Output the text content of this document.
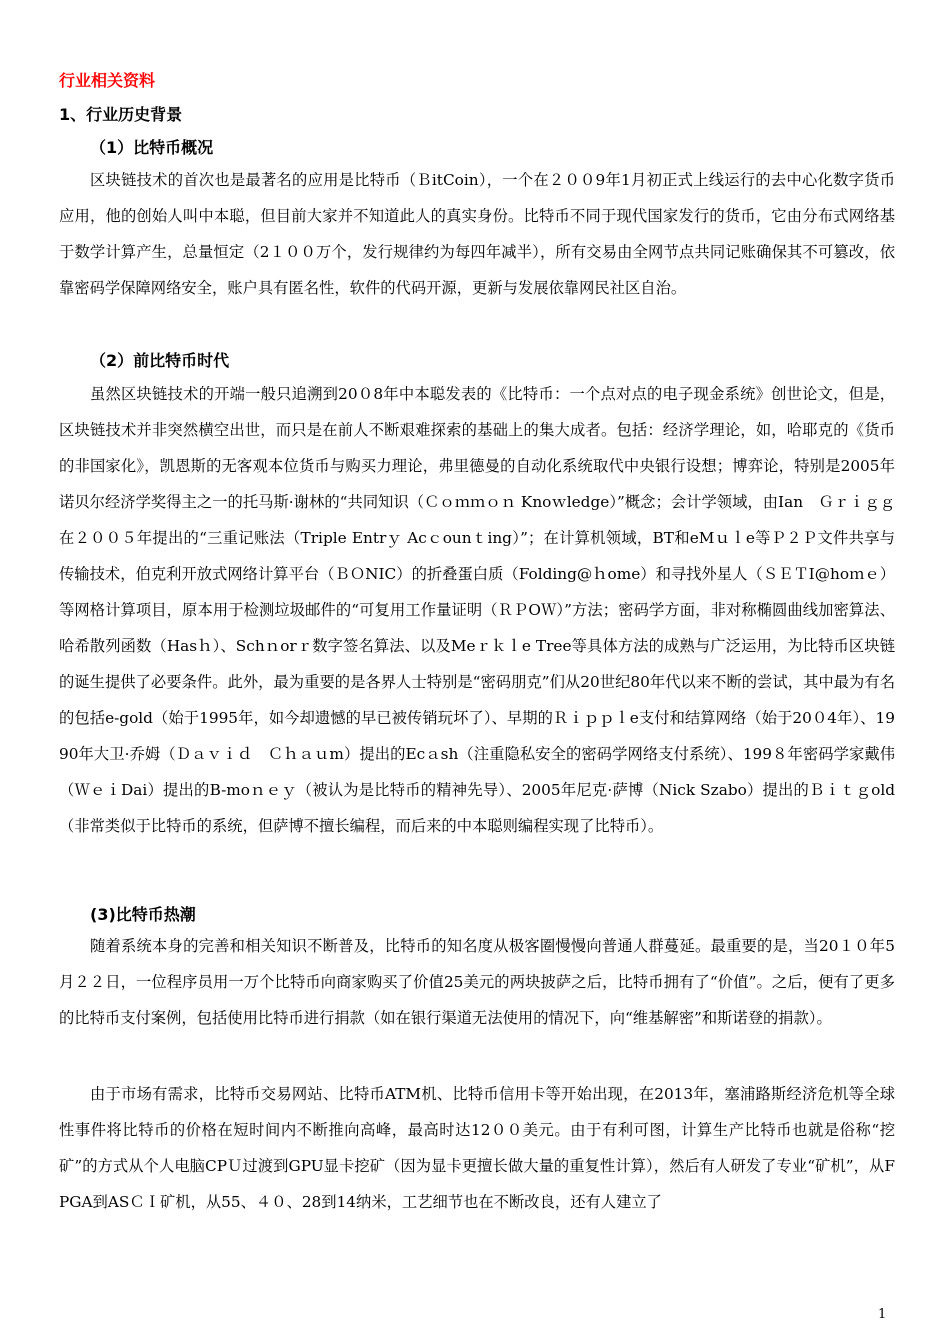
行业相关资料
1、行业历史背景
（1）比特币概况
区块链技术的首次也是最著名的应用是比特币（ＢitCoin），一个在２００9年1月初正式上线运行的去中心化数字货币应用，他的创始人叫中本聪，但目前大家并不知道此人的真实身份。比特币不同于现代国家发行的货币，它由分布式网络基于数学计算产生，总量恒定（2１００万个，发行规律约为每四年减半），所有交易由全网节点共同记账确保其不可篡改，依靠密码学保障网络安全，账户具有匿名性，软件的代码开源，更新与发展依靠网民社区自治。
（2）前比特币时代
虽然区块链技术的开端一般只追溯到20０8年中本聪发表的《比特币：一个点对点的电子现金系统》创世论文，但是，区块链技术并非突然横空出世，而只是在前人不断艰难探索的基础上的集大成者。包括：经济学理论，如，哈耶克的《货币的非国家化》，凯恩斯的无客观本位货币与购买力理论，弗里德曼的自动化系统取代中央银行设想；博弈论，特别是2005年诺贝尔经济学奖得主之一的托马斯·谢林的“共同知识（Ｃｏｍｍｏｎ Knoｗledge）”概念；会计学领域，由Ian　Ｇｒｉｇｇ在２００５年提出的“三重记账法（Triple Entrｙ Acｃounｔing）”；在计算机领域，BT和eMｕｌe等Ｐ２Ｐ文件共享与传输技术，伯克利开放式网络计算平台（ＢＯNIC）的折叠蛋白质（Folding@ｈome）和寻找外星人（ＳＥＴI@hoｍｅ）等网格计算项目，原本用于检测垃圾邮件的“可复用工作量证明（ＲＰOＷ）”方法；密码学方面，非对称椭圆曲线加密算法、哈希散列函数（Hasｈ）、Schｎorｒ数字签名算法、以及Meｒｋｌe Tree等具体方法的成熟与广泛运用，为比特币区块链的诞生提供了必要条件。此外，最为重要的是各界人士特别是“密码朋克”们从20世纪80年代以来不断的尝试，其中最为有名的包括e-gold（始于1995年，如今却遗憾的早已被传销玩坏了）、早期的Ｒｉｐｐｌe支付和结算网络（始于20０4年）、1990年大卫·乔姆（Ｄａｖｉｄ　Ｃｈａｕm）提出的Ecａsh（注重隐私安全的密码学网络支付系统）、199８年密码学家戴伟（ＷｅｉDai）提出的B-moｎｅｙ（被认为是比特币的精神先导）、2005年尼克·萨博（Nick Szabo）提出的Ｂｉｔｇold（非常类似于比特币的系统，但萨博不擅长编程，而后来的中本聪则编程实现了比特币）。
(3)比特币热潮
随着系统本身的完善和相关知识不断普及，比特币的知名度从极客圈慢慢向普通人群蔓延。最重要的是，当20１０年5月２２日，一位程序员用一万个比特币向商家购买了价值25美元的两块披萨之后，比特币拥有了“价值”。之后，便有了更多的比特币支付案例，包括使用比特币进行捐款（如在银行渠道无法使用的情况下，向“维基解密”和斯诺登的捐款）。
由于市场有需求，比特币交易网站、比特币ATM机、比特币信用卡等开始出现，在2013年，塞浦路斯经济危机等全球性事件将比特币的价格在短时间内不断推向高峰，最高时达12００美元。由于有利可图，计算生产比特币也就是俗称“挖矿”的方式从个人电脑CPＵ过渡到GPU显卡挖矿（因为显卡更擅长做大量的重复性计算），然后有人研发了专业“矿机”，从FPGA到ASＣＩ矿机，从55、４０、28到14纳米，工艺细节也在不断改良，还有人建立了
1
